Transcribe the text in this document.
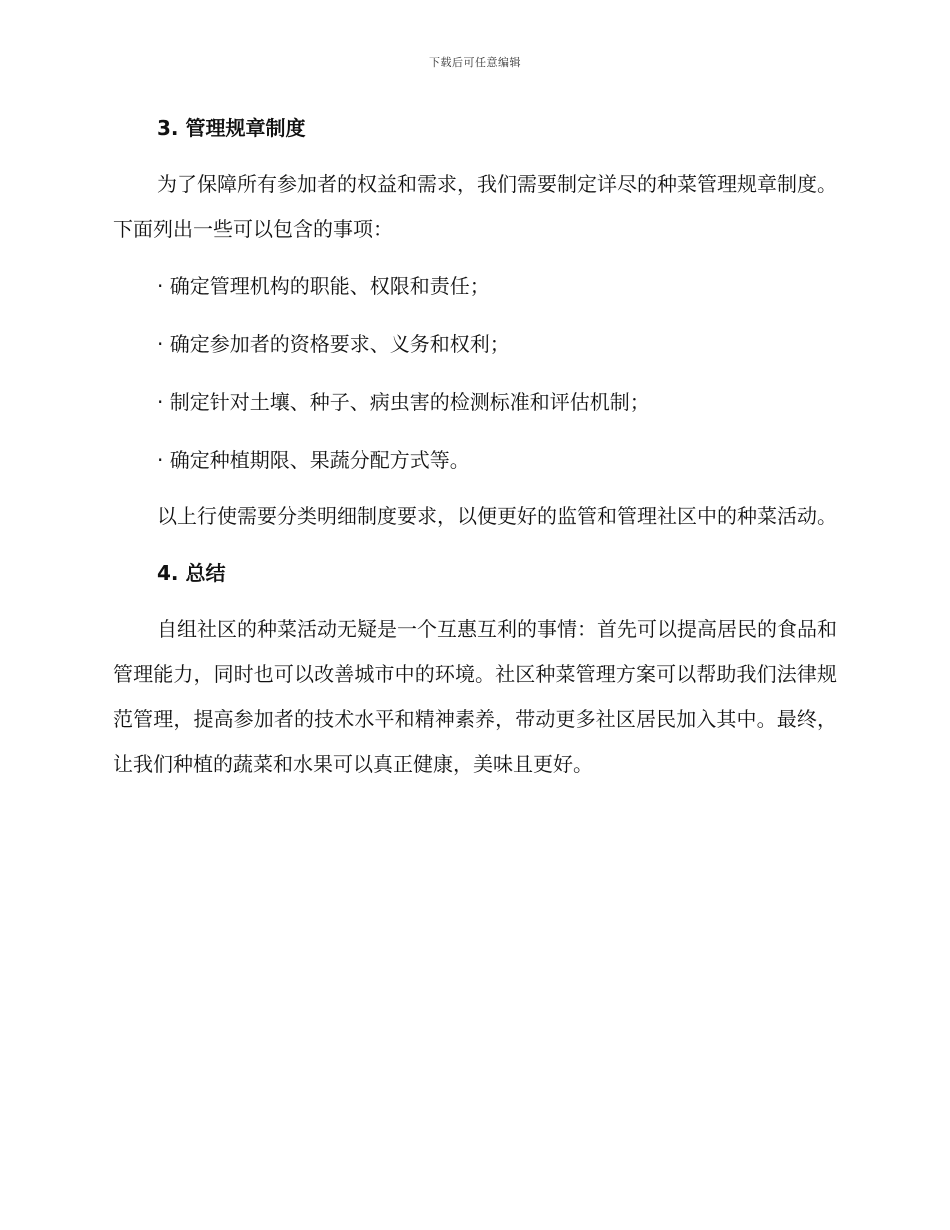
下载后可任意编辑
3. 管理规章制度

为了保障所有参加者的权益和需求，我们需要制定详尽的种菜管理规章制度。下面列出一些可以包含的事项：

· 确定管理机构的职能、权限和责任；

· 确定参加者的资格要求、义务和权利；

· 制定针对土壤、种子、病虫害的检测标准和评估机制；

· 确定种植期限、果蔬分配方式等。

以上行使需要分类明细制度要求，以便更好的监管和管理社区中的种菜活动。

4. 总结

自组社区的种菜活动无疑是一个互惠互利的事情：首先可以提高居民的食品和管理能力，同时也可以改善城市中的环境。社区种菜管理方案可以帮助我们法律规范管理，提高参加者的技术水平和精神素养，带动更多社区居民加入其中。最终，让我们种植的蔬菜和水果可以真正健康，美味且更好。
